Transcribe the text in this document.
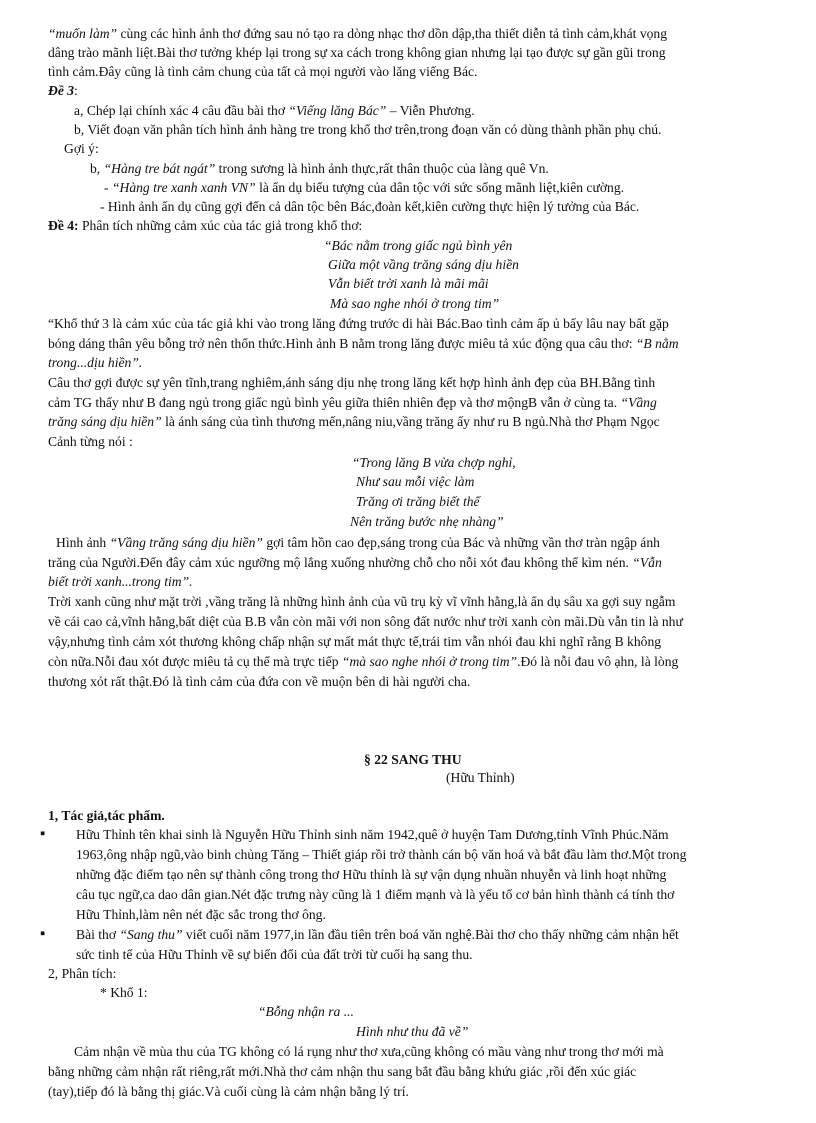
“muốn làm” cùng các hình ảnh thơ đứng sau nó tạo ra dòng nhạc thơ dồn dập,tha thiết diễn tả tình cảm,khát vọng
dâng trào mãnh liệt.Bài thơ tưởng khép lại trong sự xa cách trong không gian nhưng lại tạo được sự gần gũi trong
tình cảm.Đây cũng là tình cảm chung của tất cả mọi người vào lăng viếng Bác.
Đề 3:
a, Chép lại chính xác 4 câu đầu bài thơ “Viếng lăng Bác” – Viễn Phương.
b, Viết đoạn văn phân tích hình ảnh hàng tre trong khổ thơ trên,trong đoạn văn có dùng thành phần phụ chú.
Gợi ý:
b, “Hàng tre bát ngát” trong sương là hình ảnh thực,rất thân thuộc của làng quê Vn.
- “Hàng tre xanh xanh VN” là ẩn dụ biểu tượng của dân tộc với sức sống mãnh liệt,kiên cường.
- Hình ảnh ẩn dụ cũng gợi đến cả dân tộc bên Bác,đoàn kết,kiên cường thực hiện lý tưởng của Bác.
Đề 4: Phân tích những cảm xúc của tác giả trong khổ thơ:
“Bác nằm trong giấc ngủ bình yên
Giữa một vầng trăng sáng dịu hiền
Vẫn biết trời xanh là mãi mãi
Mà sao nghe nhói ở trong tim”
“Khổ thứ 3 là cảm xúc của tác giả khi vào trong lăng đứng trước di hài Bác.Bao tình cảm ấp ủ bấy lâu nay bất gặp
bóng dáng thân yêu bỗng trở nên thổn thức.Hình ảnh B nằm trong lăng được miêu tả xúc động qua câu thơ: “B nằm
trong...dịu hiền”.
Câu thơ gợi được sự yên tĩnh,trang nghiêm,ánh sáng dịu nhẹ trong lăng kết hợp hình ảnh đẹp của BH.Bằng tình
cảm TG thấy như B đang ngủ trong giấc ngủ bình yêu giữa thiên nhiên đẹp và thơ mộngB vẫn ở cùng ta. “Vầng
trăng sáng dịu hiền” là ánh sáng của tình thương mến,nâng niu,vầng trăng ấy như ru B ngủ.Nhà thơ Phạm Ngọc
Cảnh từng nói :
“Trong lăng B vừa chợp nghỉ,
Như sau mỗi việc làm
Trăng ơi trăng biết thế
Nên trăng bước nhẹ nhàng”
Hình ảnh “Vầng trăng sáng dịu hiền” gợi tâm hồn cao đẹp,sáng trong của Bác và những vần thơ tràn ngập ánh
trăng của Người.Đến đây cảm xúc ngưỡng mộ lắng xuống nhường chỗ cho nỗi xót đau không thể kìm nén. “Vẫn
biết trời xanh...trong tim”.
Trời xanh cũng như mặt trời ,vầng trăng là những hình ảnh của vũ trụ kỳ vĩ vĩnh hằng,là ẩn dụ sâu xa gợi suy ngẫm
về cái cao cả,vĩnh hằng,bất diệt của B.B vẫn còn mãi với non sông đất nước như trời xanh còn mãi.Dù vẫn tin là như
vậy,nhưng tình cảm xót thương không chấp nhận sự mất mát thực tế,trái tim vẫn nhói đau khi nghĩ rằng B không
còn nữa.Nỗi đau xót được miêu tả cụ thể mà trực tiếp “mà sao nghe nhói ở trong tim”.Đó là nỗi đau vô ạhn, là lòng
thương xót rất thật.Đó là tình cảm của đứa con về muộn bên di hài người cha.
§ 22 SANG THU
(Hữu Thỉnh)
1, Tác giả,tác phẩm.
▪ Hữu Thỉnh tên khai sinh là Nguyễn Hữu Thỉnh sinh năm 1942,quê ở huyện Tam Dương,tỉnh Vĩnh Phúc.Năm
1963,ông nhập ngũ,vào binh chủng Tăng – Thiết giáp rồi trở thành cán bộ văn hoá và bắt đầu làm thơ.Một trong
những đặc điểm tạo nên sự thành công trong thơ Hữu thỉnh là sự vận dụng nhuần nhuyễn và linh hoạt những
câu tục ngữ,ca dao dân gian.Nét đặc trưng này cũng là 1 điểm mạnh và là yếu tố cơ bản hình thành cá tính thơ
Hữu Thỉnh,làm nên nét đặc sắc trong thơ ông.
▪ Bài thơ “Sang thu” viết cuối năm 1977,in lần đầu tiên trên boá văn nghệ.Bài thơ cho thấy những cảm nhận hết
sức tinh tế của Hữu Thỉnh về sự biến đổi của đất trời từ cuối hạ sang thu.
2, Phân tích:
* Khổ 1:
“Bỗng nhận ra ...
Hình như thu đã về”
Cảm nhận về mùa thu của TG không có lá rụng như thơ xưa,cũng không có mầu vàng như trong thơ mới mà
bằng những cảm nhận rất riêng,rất mới.Nhà thơ cảm nhận thu sang bắt đầu bằng khứu giác ,rồi đến xúc giác
(tay),tiếp đó là bằng thị giác.Và cuối cùng là cảm nhận bằng lý trí.
